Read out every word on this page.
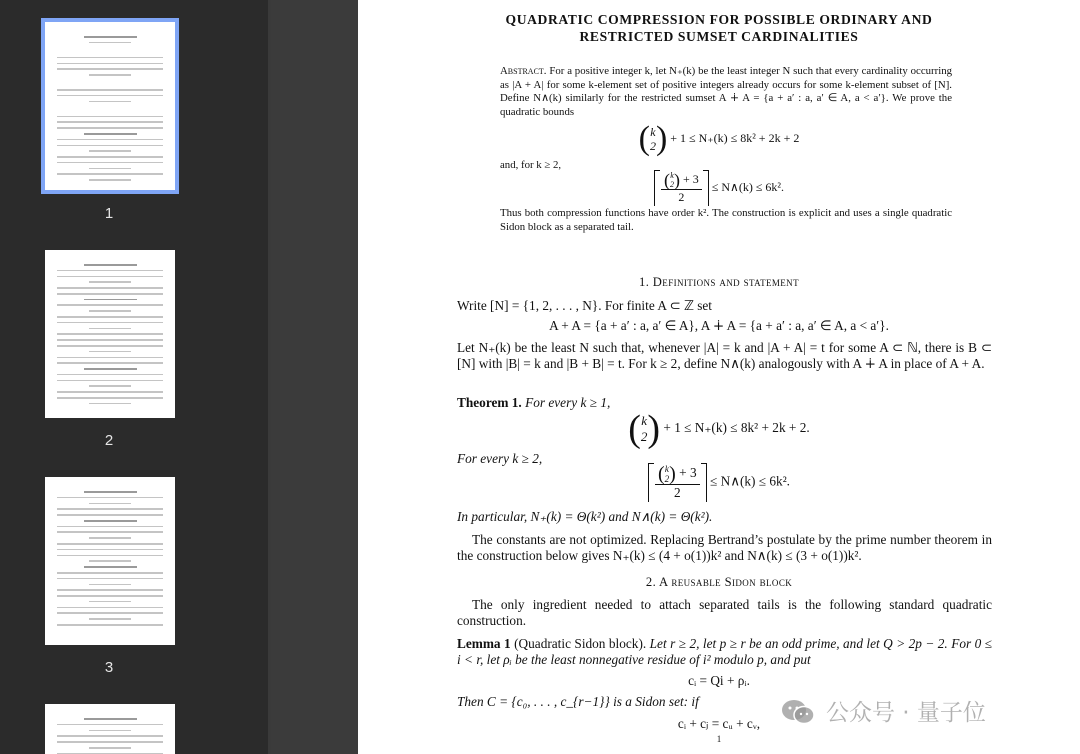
1
2
3
QUADRATIC COMPRESSION FOR POSSIBLE ORDINARY AND
RESTRICTED SUMSET CARDINALITIES
Abstract. For a positive integer k, let N₊(k) be the least integer N such that every cardinality occurring as |A + A| for some k-element set of positive integers already occurs for some k-element subset of [N]. Define N∧(k) similarly for the restricted sumset A ∔ A = {a + a′ : a, a′ ∈ A, a < a′}. We prove the quadratic bounds
( k
2 ) + 1 ≤ N₊(k) ≤ 8k² + 2k + 2
and, for k ≥ 2,
( k
2 ) + 3
2 ≤ N∧(k) ≤ 6k².
Thus both compression functions have order k². The construction is explicit and uses a single quadratic Sidon block as a separated tail.
1. Definitions and statement
Write [N] = {1, 2, . . . , N}. For finite A ⊂ ℤ set
A + A = {a + a′ : a, a′ ∈ A}, A ∔ A = {a + a′ : a, a′ ∈ A, a < a′}.
Let N₊(k) be the least N such that, whenever |A| = k and |A + A| = t for some A ⊂ ℕ, there is B ⊂ [N] with |B| = k and |B + B| = t. For k ≥ 2, define N∧(k) analogously with A ∔ A in place of A + A.
Theorem 1. For every k ≥ 1,
( k
2 ) + 1 ≤ N₊(k) ≤ 8k² + 2k + 2.
For every k ≥ 2,
( k
2 ) + 3
2 ≤ N∧(k) ≤ 6k².
In particular, N₊(k) = Θ(k²) and N∧(k) = Θ(k²).
The constants are not optimized. Replacing Bertrand’s postulate by the prime number theorem in the construction below gives N₊(k) ≤ (4 + o(1))k² and N∧(k) ≤ (3 + o(1))k².
2. A reusable Sidon block
The only ingredient needed to attach separated tails is the following standard quadratic construction.
Lemma 1 (Quadratic Sidon block). Let r ≥ 2, let p ≥ r be an odd prime, and let Q > 2p − 2. For 0 ≤ i < r, let ρᵢ be the least nonnegative residue of i² modulo p, and put
cᵢ = Qi + ρᵢ.
Then C = {c₀, . . . , c_{r−1}} is a Sidon set: if
cᵢ + cⱼ = cᵤ + cᵥ,
1
公众号 · 量子位
